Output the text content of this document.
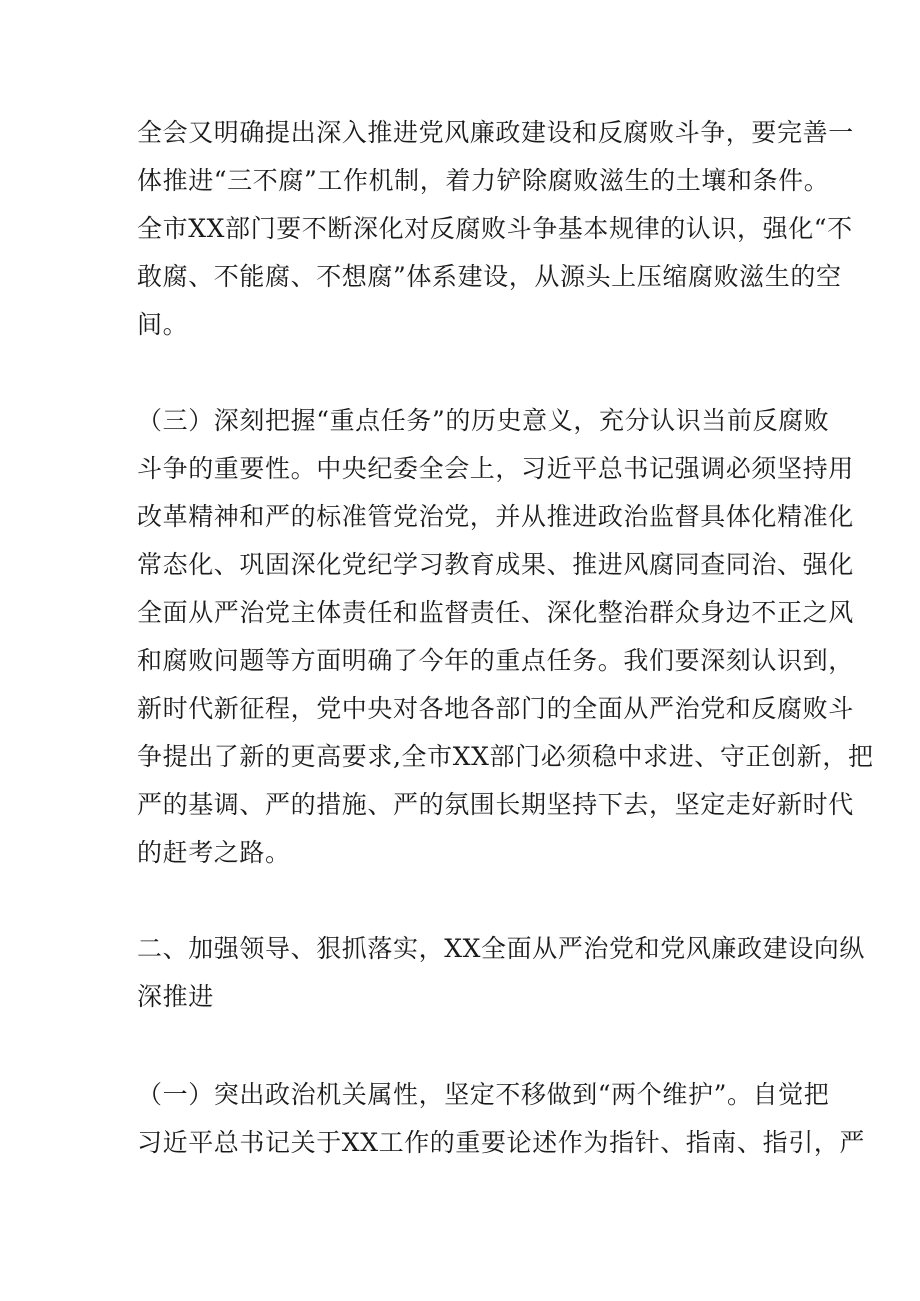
全会又明确提出深入推进党风廉政建设和反腐败斗争，要完善一
体推进“三不腐”工作机制，着力铲除腐败滋生的土壤和条件。
全市XX部门要不断深化对反腐败斗争基本规律的认识，强化“不
敢腐、不能腐、不想腐”体系建设，从源头上压缩腐败滋生的空
间。
（三）深刻把握“重点任务”的历史意义，充分认识当前反腐败
斗争的重要性。中央纪委全会上，习近平总书记强调必须坚持用
改革精神和严的标准管党治党，并从推进政治监督具体化精准化
常态化、巩固深化党纪学习教育成果、推进风腐同查同治、强化
全面从严治党主体责任和监督责任、深化整治群众身边不正之风
和腐败问题等方面明确了今年的重点任务。我们要深刻认识到，
新时代新征程，党中央对各地各部门的全面从严治党和反腐败斗
争提出了新的更高要求,全市XX部门必须稳中求进、守正创新，把
严的基调、严的措施、严的氛围长期坚持下去，坚定走好新时代
的赶考之路。
二、加强领导、狠抓落实，XX全面从严治党和党风廉政建设向纵
深推进
（一）突出政治机关属性，坚定不移做到“两个维护”。自觉把
习近平总书记关于XX工作的重要论述作为指针、指南、指引，严
